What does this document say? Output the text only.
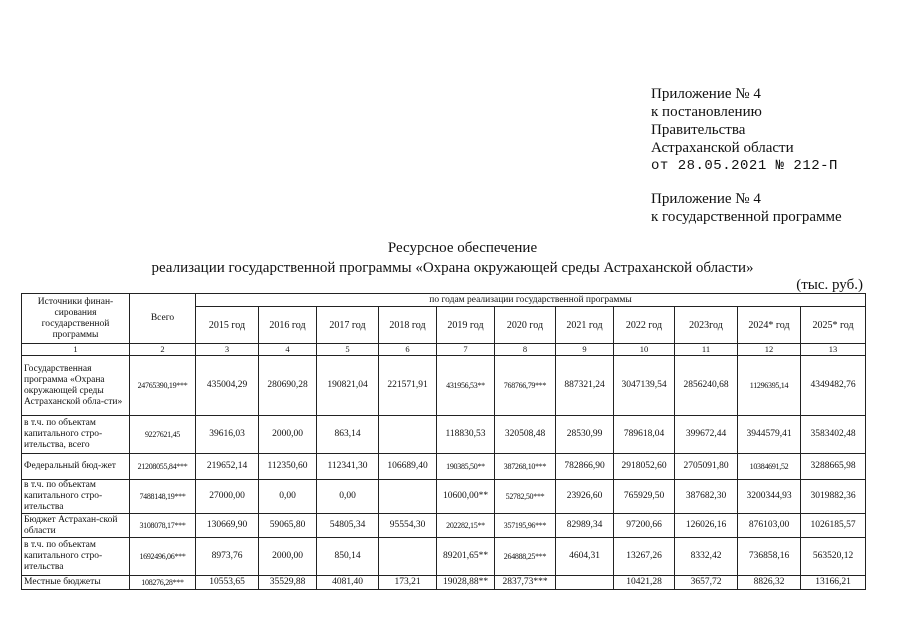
Приложение № 4
к постановлению
Правительства
Астраханской области
от 28.05.2021 № 212-П
Приложение № 4
к государственной программе
Ресурсное обеспечение
реализации государственной программы «Охрана окружающей среды Астраханской области»
(тыс. руб.)
Источники финан-сирования государственной программы	Всего	по годам реализации государственной программы										
		2015 год	2016 год	2017 год	2018 год	2019 год	2020 год	2021 год	2022 год	2023год	2024* год	2025* год
1	2	3	4	5	6	7	8	9	10	11	12	13
Государственная программа «Охрана окружающей среды Астраханской обла-сти»	24765390,19***	435004,29	280690,28	190821,04	221571,91	431956,53**	768766,79***	887321,24	3047139,54	2856240,68	11296395,14	4349482,76
в т.ч. по объектам капитального стро-ительства, всего	9227621,45	39616,03	2000,00	863,14		118830,53	320508,48	28530,99	789618,04	399672,44	3944579,41	3583402,48
Федеральный бюд-жет	21208055,84***	219652,14	112350,60	112341,30	106689,40	190385,50**	387268,10***	782866,90	2918052,60	2705091,80	10384691,52	3288665,98
в т.ч. по объектам капитального стро-ительства	7488148,19***	27000,00	0,00	0,00		10600,00**	52782,50***	23926,60	765929,50	387682,30	3200344,93	3019882,36
Бюджет Астрахан-ской области	3108078,17***	130669,90	59065,80	54805,34	95554,30	202282,15**	357195,96***	82989,34	97200,66	126026,16	876103,00	1026185,57
в т.ч. по объектам капитального стро-ительства	1692496,06***	8973,76	2000,00	850,14		89201,65**	264888,25***	4604,31	13267,26	8332,42	736858,16	563520,12
Местные бюджеты	108276,28***	10553,65	35529,88	4081,40	173,21	19028,88**	2837,73***		10421,28	3657,72	8826,32	13166,21
